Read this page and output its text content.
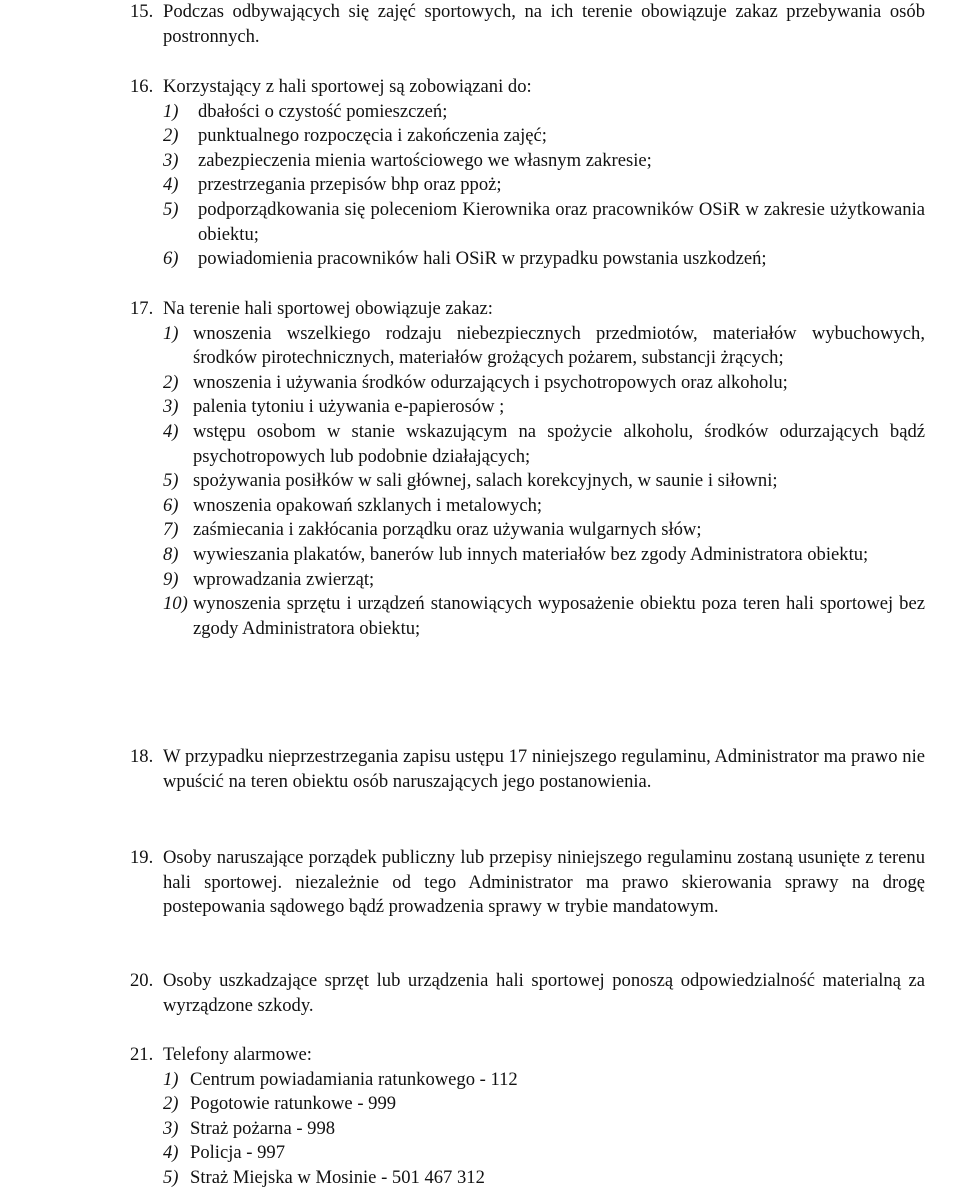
15. Podczas odbywających się zajęć sportowych, na ich terenie obowiązuje zakaz przebywania osób postronnych.
16. Korzystający z hali sportowej są zobowiązani do:
1) dbałości o czystość pomieszczeń;
2) punktualnego rozpoczęcia i zakończenia zajęć;
3) zabezpieczenia mienia wartościowego we własnym zakresie;
4) przestrzegania przepisów bhp oraz ppoż;
5) podporządkowania się poleceniom Kierownika oraz pracowników OSiR w zakresie użytkowania obiektu;
6) powiadomienia pracowników hali OSiR w przypadku powstania uszkodzeń;
17. Na terenie hali sportowej obowiązuje zakaz:
1) wnoszenia wszelkiego rodzaju niebezpiecznych przedmiotów, materiałów wybuchowych, środków pirotechnicznych, materiałów grożących pożarem, substancji żrących;
2) wnoszenia i używania środków odurzających i psychotropowych oraz alkoholu;
3) palenia tytoniu i używania e-papierosów ;
4) wstępu osobom w stanie wskazującym na spożycie alkoholu, środków odurzających bądź psychotropowych lub podobnie działających;
5) spożywania posiłków w sali głównej, salach korekcyjnych, w saunie i siłowni;
6) wnoszenia opakowań szklanych i metalowych;
7) zaśmiecania i zakłócania porządku oraz używania wulgarnych słów;
8) wywieszania plakatów, banerów lub innych materiałów bez zgody Administratora obiektu;
9) wprowadzania zwierząt;
10) wynoszenia sprzętu i urządzeń stanowiących wyposażenie obiektu poza teren hali sportowej bez zgody Administratora obiektu;
18. W przypadku nieprzestrzegania zapisu ustępu 17 niniejszego regulaminu, Administrator ma prawo nie wpuścić na teren obiektu osób naruszających jego postanowienia.
19. Osoby naruszające porządek publiczny lub przepisy niniejszego regulaminu zostaną usunięte z terenu hali sportowej. niezależnie od tego Administrator ma prawo skierowania sprawy na drogę postepowania sądowego bądź prowadzenia sprawy w trybie mandatowym.
20. Osoby uszkadzające sprzęt lub urządzenia hali sportowej ponoszą odpowiedzialność materialną za wyrządzone szkody.
21. Telefony alarmowe:
1) Centrum powiadamiania ratunkowego - 112
2) Pogotowie ratunkowe - 999
3) Straż pożarna - 998
4) Policja - 997
5) Straż Miejska w Mosinie - 501 467 312
